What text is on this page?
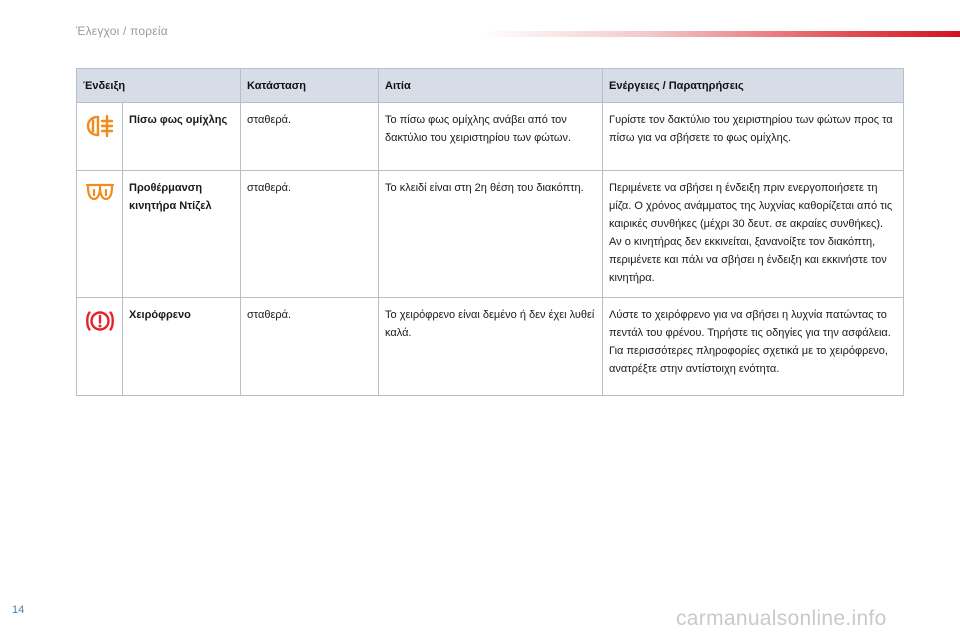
Έλεγχοι / πορεία
Ένδειξη		Κατάσταση	Αιτία	Ενέργειες / Παρατηρήσεις
	Πίσω φως ομίχλης	σταθερά.	Το πίσω φως ομίχλης ανάβει από τον δακτύλιο του χειριστηρίου των φώτων.	Γυρίστε τον δακτύλιο του χειριστηρίου των φώτων προς τα πίσω για να σβήσετε το φως ομίχλης.
	Προθέρμανση κινητήρα Ντίζελ	σταθερά.	Το κλειδί είναι στη 2η θέση του διακόπτη.	Περιμένετε να σβήσει η ένδειξη πριν ενεργοποιήσετε τη μίζα. Ο χρόνος ανάμματος της λυχνίας καθορίζεται από τις καιρικές συνθήκες (μέχρι 30 δευτ. σε ακραίες συνθήκες). Αν ο κινητήρας δεν εκκινείται, ξανανοίξτε τον διακόπτη, περιμένετε και πάλι να σβήσει η ένδειξη και εκκινήστε τον κινητήρα.
	Χειρόφρενο	σταθερά.	Το χειρόφρενο είναι δεμένο ή δεν έχει λυθεί καλά.	Λύστε το χειρόφρενο για να σβήσει η λυχνία πατώντας το πεντάλ του φρένου. Τηρήστε τις οδηγίες για την ασφάλεια. Για περισσότερες πληροφορίες σχετικά με το χειρόφρενο, ανατρέξτε στην αντίστοιχη ενότητα.
14	carmanualsonline.info
